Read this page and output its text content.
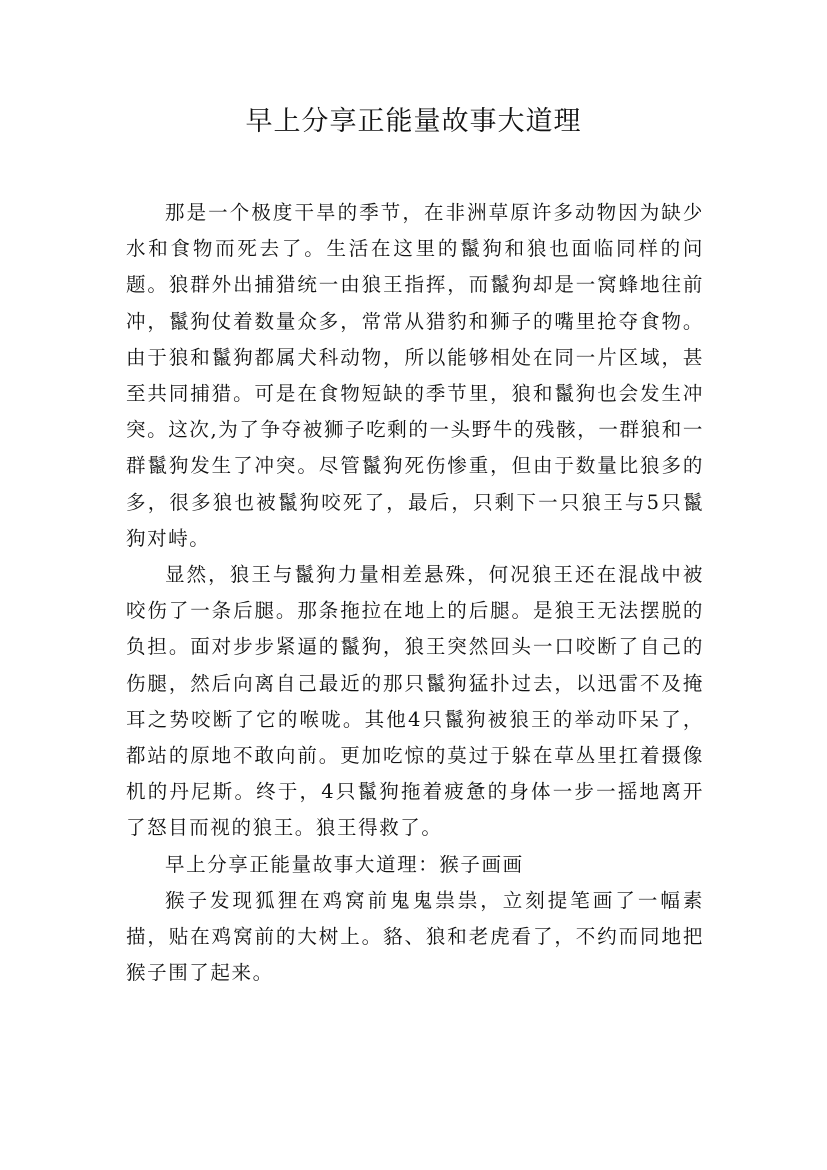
早上分享正能量故事大道理

那是一个极度干旱的季节，在非洲草原许多动物因为缺少水和食物而死去了。生活在这里的鬣狗和狼也面临同样的问题。狼群外出捕猎统一由狼王指挥，而鬣狗却是一窝蜂地往前冲，鬣狗仗着数量众多，常常从猎豹和狮子的嘴里抢夺食物。由于狼和鬣狗都属犬科动物，所以能够相处在同一片区域，甚至共同捕猎。可是在食物短缺的季节里，狼和鬣狗也会发生冲突。这次,为了争夺被狮子吃剩的一头野牛的残骸，一群狼和一群鬣狗发生了冲突。尽管鬣狗死伤惨重，但由于数量比狼多的多，很多狼也被鬣狗咬死了，最后，只剩下一只狼王与5只鬣狗对峙。

显然，狼王与鬣狗力量相差悬殊，何况狼王还在混战中被咬伤了一条后腿。那条拖拉在地上的后腿。是狼王无法摆脱的负担。面对步步紧逼的鬣狗，狼王突然回头一口咬断了自己的伤腿，然后向离自己最近的那只鬣狗猛扑过去，以迅雷不及掩耳之势咬断了它的喉咙。其他4只鬣狗被狼王的举动吓呆了，都站的原地不敢向前。更加吃惊的莫过于躲在草丛里扛着摄像机的丹尼斯。终于，4只鬣狗拖着疲惫的身体一步一摇地离开了怒目而视的狼王。狼王得救了。

早上分享正能量故事大道理：猴子画画

猴子发现狐狸在鸡窝前鬼鬼祟祟，立刻提笔画了一幅素描，贴在鸡窝前的大树上。貉、狼和老虎看了，不约而同地把猴子围了起来。
